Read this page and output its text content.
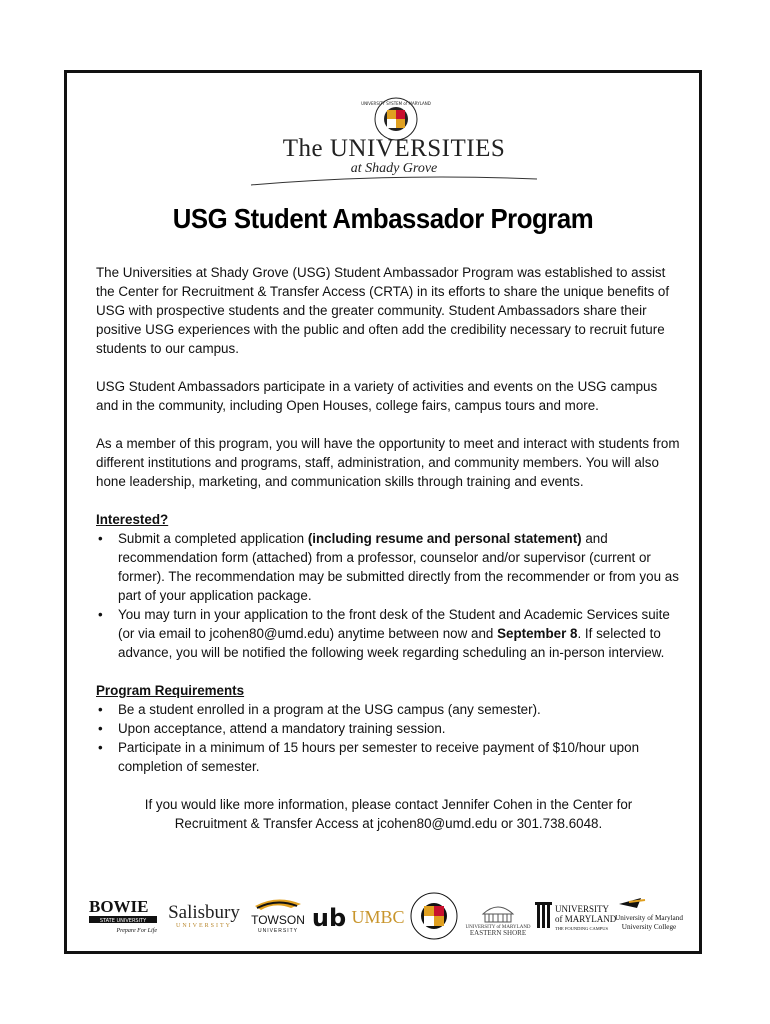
UNIVERSITY SYSTEM of MARYLAND
The UNIVERSITIES
at Shady Grove
USG Student Ambassador Program

The Universities at Shady Grove (USG) Student Ambassador Program was established to assist the Center for Recruitment & Transfer Access (CRTA) in its efforts to share the unique benefits of USG with prospective students and the greater community. Student Ambassadors share their positive USG experiences with the public and often add the credibility necessary to recruit future students to our campus.

USG Student Ambassadors participate in a variety of activities and events on the USG campus and in the community, including Open Houses, college fairs, campus tours and more.

As a member of this program, you will have the opportunity to meet and interact with students from different institutions and programs, staff, administration, and community members. You will also hone leadership, marketing, and communication skills through training and events.

Interested?
• Submit a completed application (including resume and personal statement) and recommendation form (attached) from a professor, counselor and/or supervisor (current or former). The recommendation may be submitted directly from the recommender or from you as part of your application package.
• You may turn in your application to the front desk of the Student and Academic Services suite (or via email to jcohen80@umd.edu) anytime between now and September 8. If selected to advance, you will be notified the following week regarding scheduling an in-person interview.
Program Requirements
• Be a student enrolled in a program at the USG campus (any semester).
• Upon acceptance, attend a mandatory training session.
• Participate in a minimum of 15 hours per semester to receive payment of $10/hour upon completion of semester.
If you would like more information, please contact Jennifer Cohen in the Center for Recruitment & Transfer Access at jcohen80@umd.edu or 301.738.6048.
BOWIE
STATE UNIVERSITY
Prepare For Life
Salisbury
UNIVERSITY TOWSON
UNIVERSITY ub UMBC
UNIVERSITY of MARYLAND
EASTERN SHORE
UNIVERSITY
of MARYLAND
THE FOUNDING CAMPUS
University of Maryland
University College
